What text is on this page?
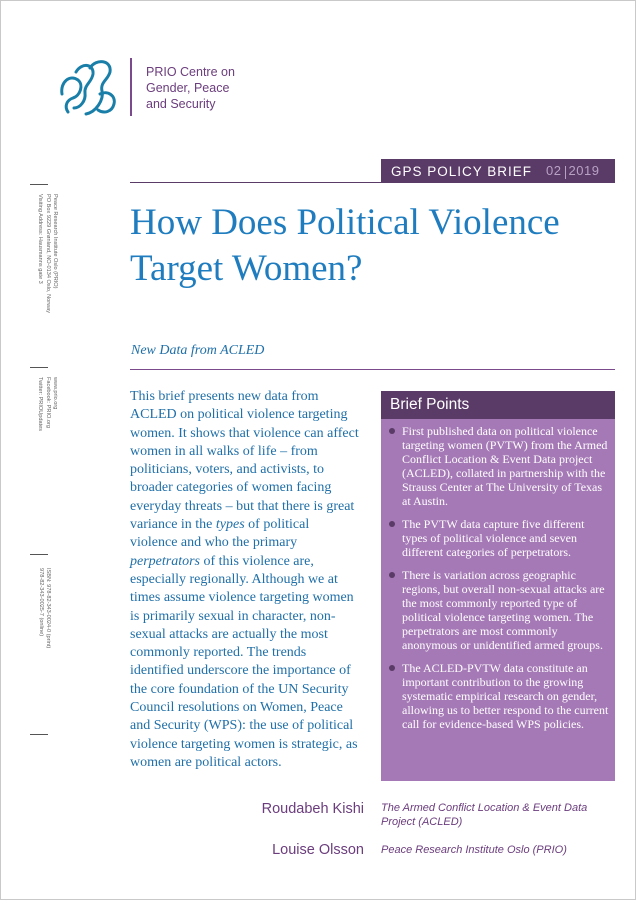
PRIO Centre on
Gender, Peace
and Security
GPS POLICY BRIEF 02 2019
Peace Research Institute Oslo (PRIO)
PO Box 9229 Grønland, NO-0134 Oslo, Norway
Visiting Address: Hausmanns gate 3
www.prio.org
Facebook: PRIO.org
Twitter: PRIOUpdates
ISBN: 978-82-343-0024-0 (print)
978-82-343-0025-7 (online)
How Does Political Violence
Target Women?
New Data from ACLED
This brief presents new data from ACLED on political violence targeting women. It shows that violence can affect women in all walks of life – from politicians, voters, and activists, to broader categories of women facing everyday threats – but that there is great variance in the types of political violence and who the primary perpetrators of this violence are, especially regionally. Although we at times assume violence targeting women is primarily sexual in character, non-sexual attacks are actually the most commonly reported. The trends identified underscore the importance of the core foundation of the UN Security Council resolutions on Women, Peace and Security (WPS): the use of political violence targeting women is strategic, as women are political actors.
Brief Points
First published data on political violence targeting women (PVTW) from the Armed Conflict Location & Event Data project (ACLED), collated in partnership with the Strauss Center at The University of Texas at Austin.
The PVTW data capture five different types of political violence and seven different categories of perpetrators.
There is variation across geographic regions, but overall non-sexual attacks are the most commonly reported type of political violence targeting women. The perpetrators are most commonly anonymous or unidentified armed groups.
The ACLED-PVTW data constitute an important contribution to the growing systematic empirical research on gender, allowing us to better respond to the current call for evidence-based WPS policies.
Roudabeh Kishi The Armed Conflict Location & Event Data Project (ACLED)
Louise Olsson Peace Research Institute Oslo (PRIO)
